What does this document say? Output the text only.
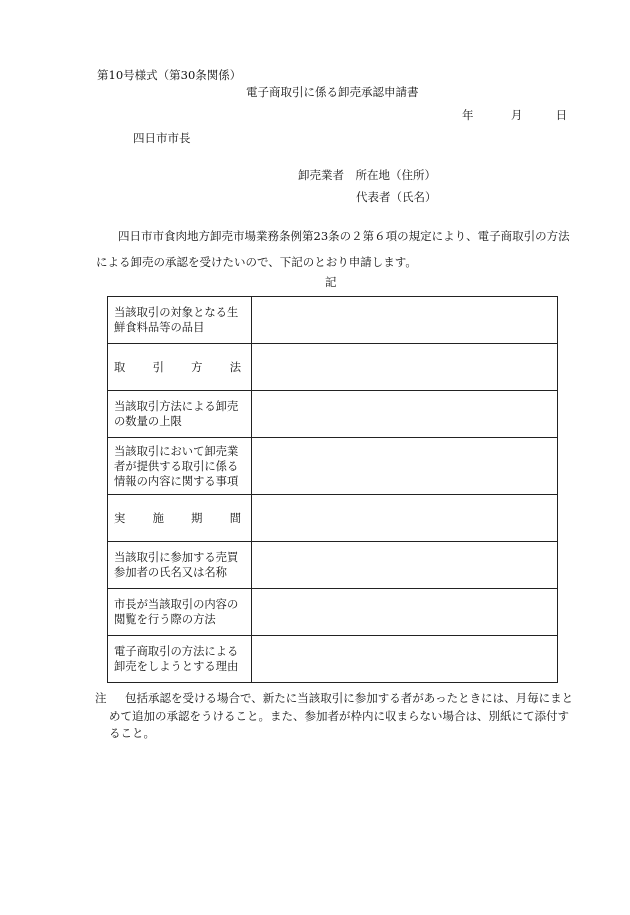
第10号様式（第30条関係）
電子商取引に係る卸売承認申請書
年	月	日
四日市市長
卸売業者　所在地（住所）
代表者（氏名）
四日市市食肉地方卸売市場業務条例第23条の２第６項の規定により、電子商取引の方法による卸売の承認を受けたいので、下記のとおり申請します。
記
当該取引の対象となる生鮮食料品等の品目	
取引方法	
当該取引方法による卸売の数量の上限	
当該取引において卸売業者が提供する取引に係る情報の内容に関する事項	
実施期間	
当該取引に参加する売買参加者の氏名又は名称	
市長が当該取引の内容の閲覧を行う際の方法	
電子商取引の方法による卸売をしようとする理由	
注	包括承認を受ける場合で、新たに当該取引に参加する者があったときには、月毎にまとめて追加の承認をうけること。また、参加者が枠内に収まらない場合は、別紙にて添付すること。
